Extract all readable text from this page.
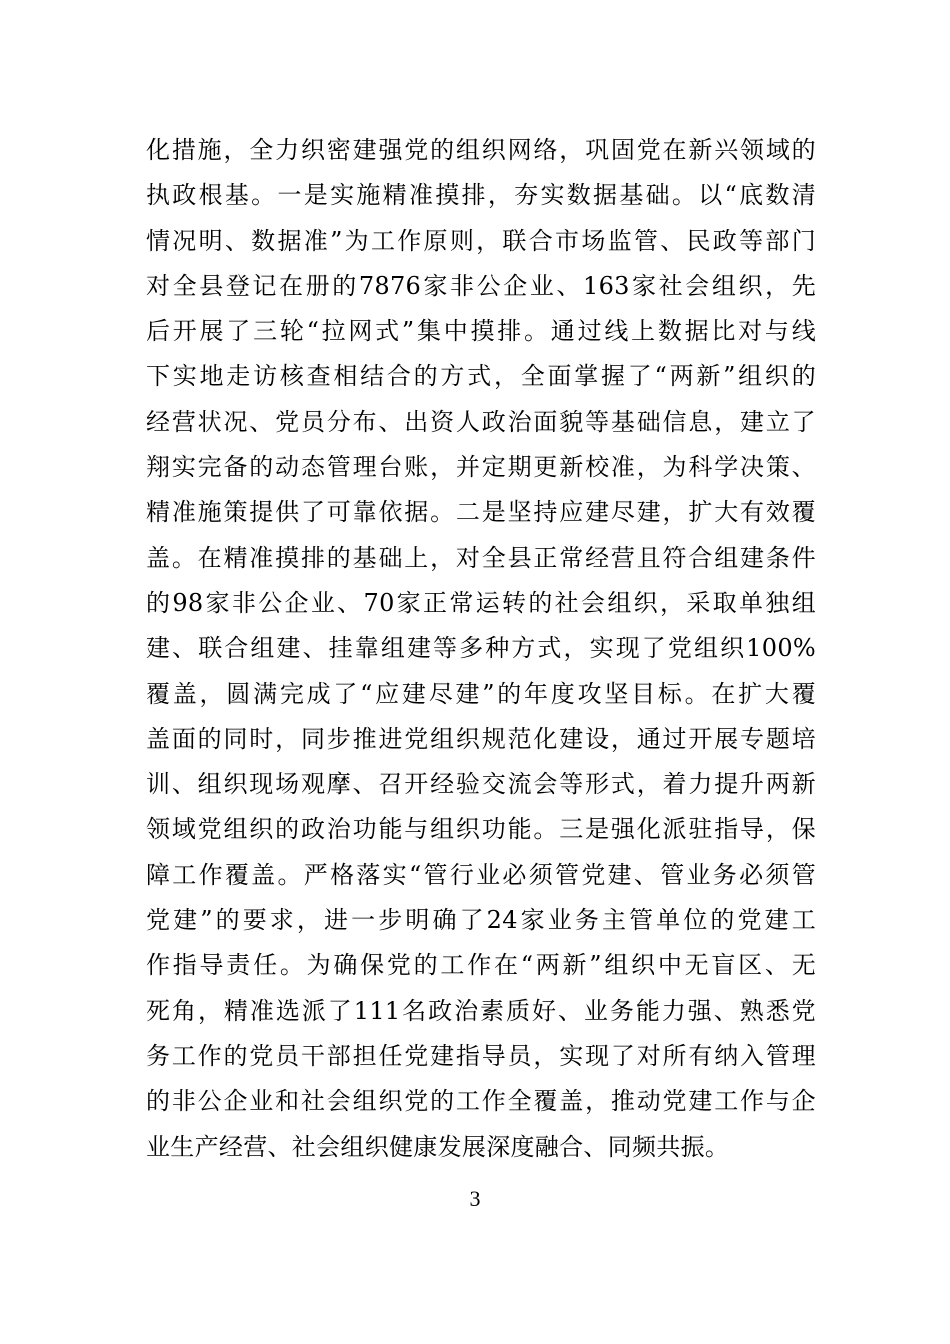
化措施，全力织密建强党的组织网络，巩固党在新兴领域的
执政根基。一是实施精准摸排，夯实数据基础。以“底数清
情况明、数据准”为工作原则，联合市场监管、民政等部门
对全县登记在册的7876家非公企业、163家社会组织，先
后开展了三轮“拉网式”集中摸排。通过线上数据比对与线
下实地走访核查相结合的方式，全面掌握了“两新”组织的
经营状况、党员分布、出资人政治面貌等基础信息，建立了
翔实完备的动态管理台账，并定期更新校准，为科学决策、
精准施策提供了可靠依据。二是坚持应建尽建，扩大有效覆
盖。在精准摸排的基础上，对全县正常经营且符合组建条件
的98家非公企业、70家正常运转的社会组织，采取单独组
建、联合组建、挂靠组建等多种方式，实现了党组织100%
覆盖，圆满完成了“应建尽建”的年度攻坚目标。在扩大覆
盖面的同时，同步推进党组织规范化建设，通过开展专题培
训、组织现场观摩、召开经验交流会等形式，着力提升两新
领域党组织的政治功能与组织功能。三是强化派驻指导，保
障工作覆盖。严格落实“管行业必须管党建、管业务必须管
党建”的要求，进一步明确了24家业务主管单位的党建工
作指导责任。为确保党的工作在“两新”组织中无盲区、无
死角，精准选派了111名政治素质好、业务能力强、熟悉党
务工作的党员干部担任党建指导员，实现了对所有纳入管理
的非公企业和社会组织党的工作全覆盖，推动党建工作与企
业生产经营、社会组织健康发展深度融合、同频共振。
3
